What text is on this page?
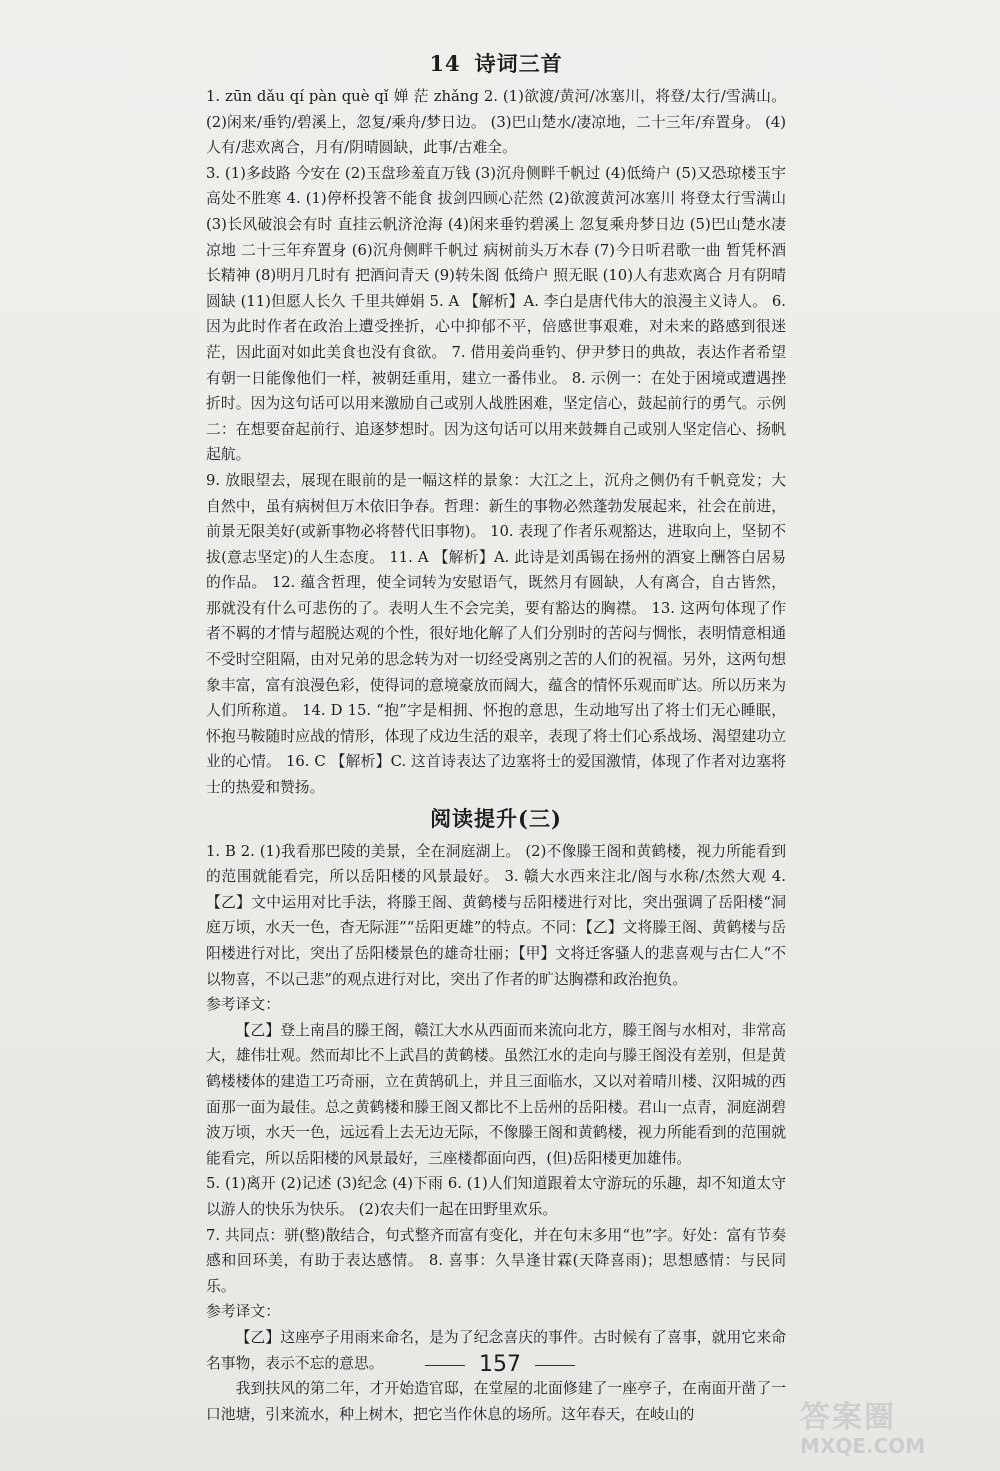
14 诗词三首

1. zūn dǎu qí pàn què qǐ 婵 茫 zhǎng 2. (1)欲渡/黄河/冰塞川，将登/太行/雪满山。 (2)闲来/垂钓/碧溪上，忽复/乘舟/梦日边。 (3)巴山楚水/凄凉地，二十三年/弃置身。 (4)人有/悲欢离合，月有/阴晴圆缺，此事/古难全。

3. (1)多歧路 今安在 (2)玉盘珍羞直万钱 (3)沉舟侧畔千帆过 (4)低绮户 (5)又恐琼楼玉宇 高处不胜寒 4. (1)停杯投箸不能食 拔剑四顾心茫然 (2)欲渡黄河冰塞川 将登太行雪满山 (3)长风破浪会有时 直挂云帆济沧海 (4)闲来垂钓碧溪上 忽复乘舟梦日边 (5)巴山楚水凄凉地 二十三年弃置身 (6)沉舟侧畔千帆过 病树前头万木春 (7)今日听君歌一曲 暂凭杯酒长精神 (8)明月几时有 把酒问青天 (9)转朱阁 低绮户 照无眠 (10)人有悲欢离合 月有阴晴圆缺 (11)但愿人长久 千里共婵娟 5. A 【解析】A. 李白是唐代伟大的浪漫主义诗人。 6. 因为此时作者在政治上遭受挫折，心中抑郁不平，倍感世事艰难，对未来的路感到很迷茫，因此面对如此美食也没有食欲。 7. 借用姜尚垂钓、伊尹梦日的典故，表达作者希望有朝一日能像他们一样，被朝廷重用，建立一番伟业。 8. 示例一：在处于困境或遭遇挫折时。因为这句话可以用来激励自己或别人战胜困难，坚定信心，鼓起前行的勇气。示例二：在想要奋起前行、追逐梦想时。因为这句话可以用来鼓舞自己或别人坚定信心、扬帆起航。

9. 放眼望去，展现在眼前的是一幅这样的景象：大江之上，沉舟之侧仍有千帆竞发；大自然中，虽有病树但万木依旧争春。哲理：新生的事物必然蓬勃发展起来，社会在前进，前景无限美好(或新事物必将替代旧事物)。 10. 表现了作者乐观豁达，进取向上，坚韧不拔(意志坚定)的人生态度。 11. A 【解析】A. 此诗是刘禹锡在扬州的酒宴上酬答白居易的作品。 12. 蕴含哲理，使全词转为安慰语气，既然月有圆缺，人有离合，自古皆然，那就没有什么可悲伤的了。表明人生不会完美，要有豁达的胸襟。 13. 这两句体现了作者不羁的才情与超脱达观的个性，很好地化解了人们分别时的苦闷与惆怅，表明情意相通不受时空阻隔，由对兄弟的思念转为对一切经受离别之苦的人们的祝福。另外，这两句想象丰富，富有浪漫色彩，使得词的意境豪放而阔大，蕴含的情怀乐观而旷达。所以历来为人们所称道。 14. D 15. “抱”字是相拥、怀抱的意思，生动地写出了将士们无心睡眠，怀抱马鞍随时应战的情形，体现了戍边生活的艰辛，表现了将士们心系战场、渴望建功立业的心情。 16. C 【解析】C. 这首诗表达了边塞将士的爱国激情，体现了作者对边塞将士的热爱和赞扬。

阅读提升(三)

1. B 2. (1)我看那巴陵的美景，全在洞庭湖上。 (2)不像滕王阁和黄鹤楼，视力所能看到的范围就能看完，所以岳阳楼的风景最好。 3. 赣大水西来注北/阁与水称/杰然大观 4. 【乙】文中运用对比手法，将滕王阁、黄鹤楼与岳阳楼进行对比，突出强调了岳阳楼“洞庭万顷，水天一色，杳无际涯”“岳阳更雄”的特点。不同：【乙】文将滕王阁、黄鹤楼与岳阳楼进行对比，突出了岳阳楼景色的雄奇壮丽；【甲】文将迁客骚人的悲喜观与古仁人“不以物喜，不以己悲”的观点进行对比，突出了作者的旷达胸襟和政治抱负。

参考译文：

【乙】登上南昌的滕王阁，赣江大水从西面而来流向北方，滕王阁与水相对，非常高大，雄伟壮观。然而却比不上武昌的黄鹤楼。虽然江水的走向与滕王阁没有差别，但是黄鹤楼楼体的建造工巧奇丽，立在黄鹄矶上，并且三面临水，又以对着晴川楼、汉阳城的西面那一面为最佳。总之黄鹤楼和滕王阁又都比不上岳州的岳阳楼。君山一点青，洞庭湖碧波万顷，水天一色，远远看上去无边无际，不像滕王阁和黄鹤楼，视力所能看到的范围就能看完，所以岳阳楼的风景最好，三座楼都面向西，(但)岳阳楼更加雄伟。

5. (1)离开 (2)记述 (3)纪念 (4)下雨 6. (1)人们知道跟着太守游玩的乐趣，却不知道太守以游人的快乐为快乐。 (2)农夫们一起在田野里欢乐。

7. 共同点：骈(整)散结合，句式整齐而富有变化，并在句末多用“也”字。好处：富有节奏感和回环美，有助于表达感情。 8. 喜事：久旱逢甘霖(天降喜雨)；思想感情：与民同乐。

参考译文：

【乙】这座亭子用雨来命名，是为了纪念喜庆的事件。古时候有了喜事，就用它来命名事物，表示不忘的意思。

我到扶风的第二年，才开始造官邸，在堂屋的北面修建了一座亭子，在南面开凿了一口池塘，引来流水，种上树木，把它当作休息的场所。这年春天，在岐山的

157
答案圈
MXQE.COM
